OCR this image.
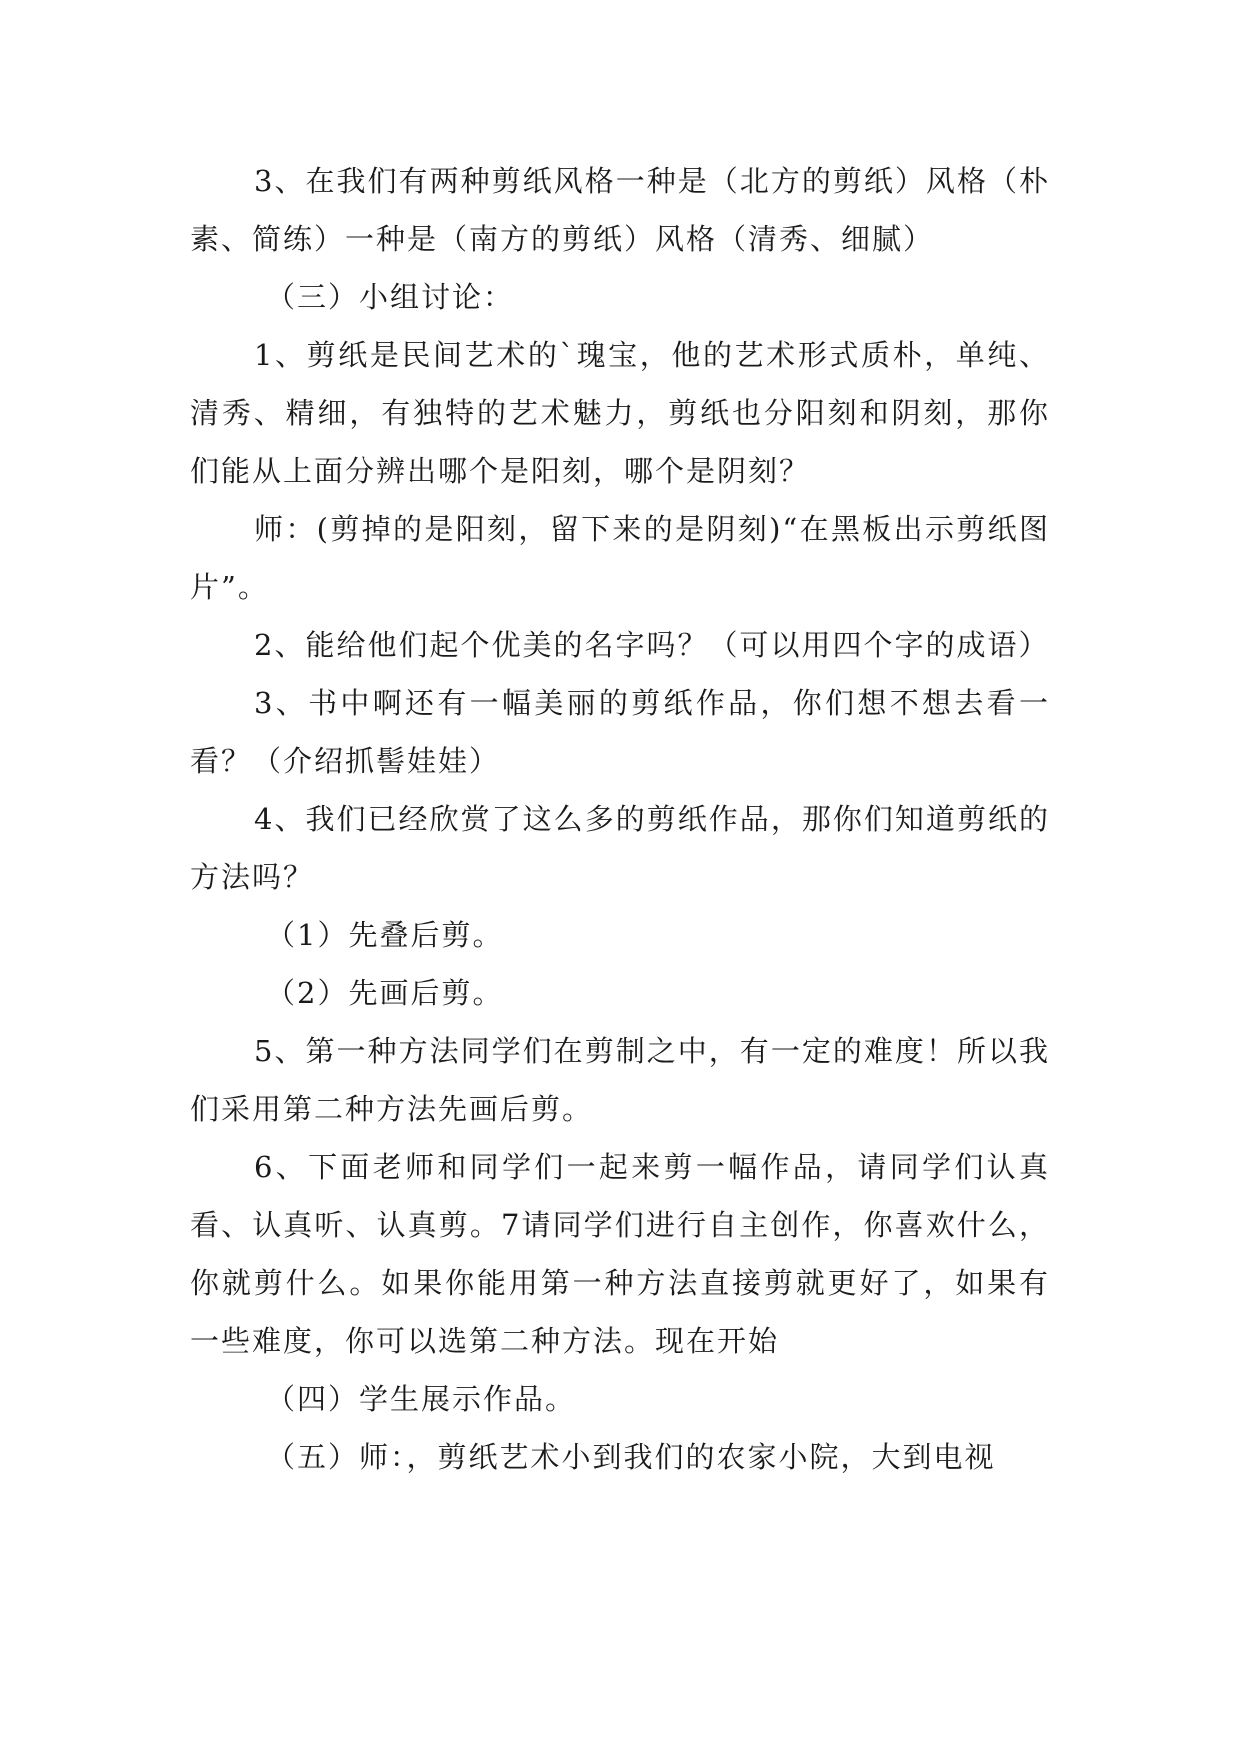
3、在我们有两种剪纸风格一种是（北方的剪纸）风格（朴素、简练）一种是（南方的剪纸）风格（清秀、细腻）

（三）小组讨论：

1、剪纸是民间艺术的`瑰宝，他的艺术形式质朴，单纯、清秀、精细，有独特的艺术魅力，剪纸也分阳刻和阴刻，那你们能从上面分辨出哪个是阳刻，哪个是阴刻？

师：(剪掉的是阳刻，留下来的是阴刻)“在黑板出示剪纸图片”。

2、能给他们起个优美的名字吗？（可以用四个字的成语）

3、书中啊还有一幅美丽的剪纸作品，你们想不想去看一看？（介绍抓髻娃娃）

4、我们已经欣赏了这么多的剪纸作品，那你们知道剪纸的方法吗？

（1）先叠后剪。

（2）先画后剪。

5、第一种方法同学们在剪制之中，有一定的难度！所以我们采用第二种方法先画后剪。

6、下面老师和同学们一起来剪一幅作品，请同学们认真看、认真听、认真剪。7请同学们进行自主创作，你喜欢什么，你就剪什么。如果你能用第一种方法直接剪就更好了，如果有一些难度，你可以选第二种方法。现在开始

（四）学生展示作品。

（五）师：，剪纸艺术小到我们的农家小院，大到电视
